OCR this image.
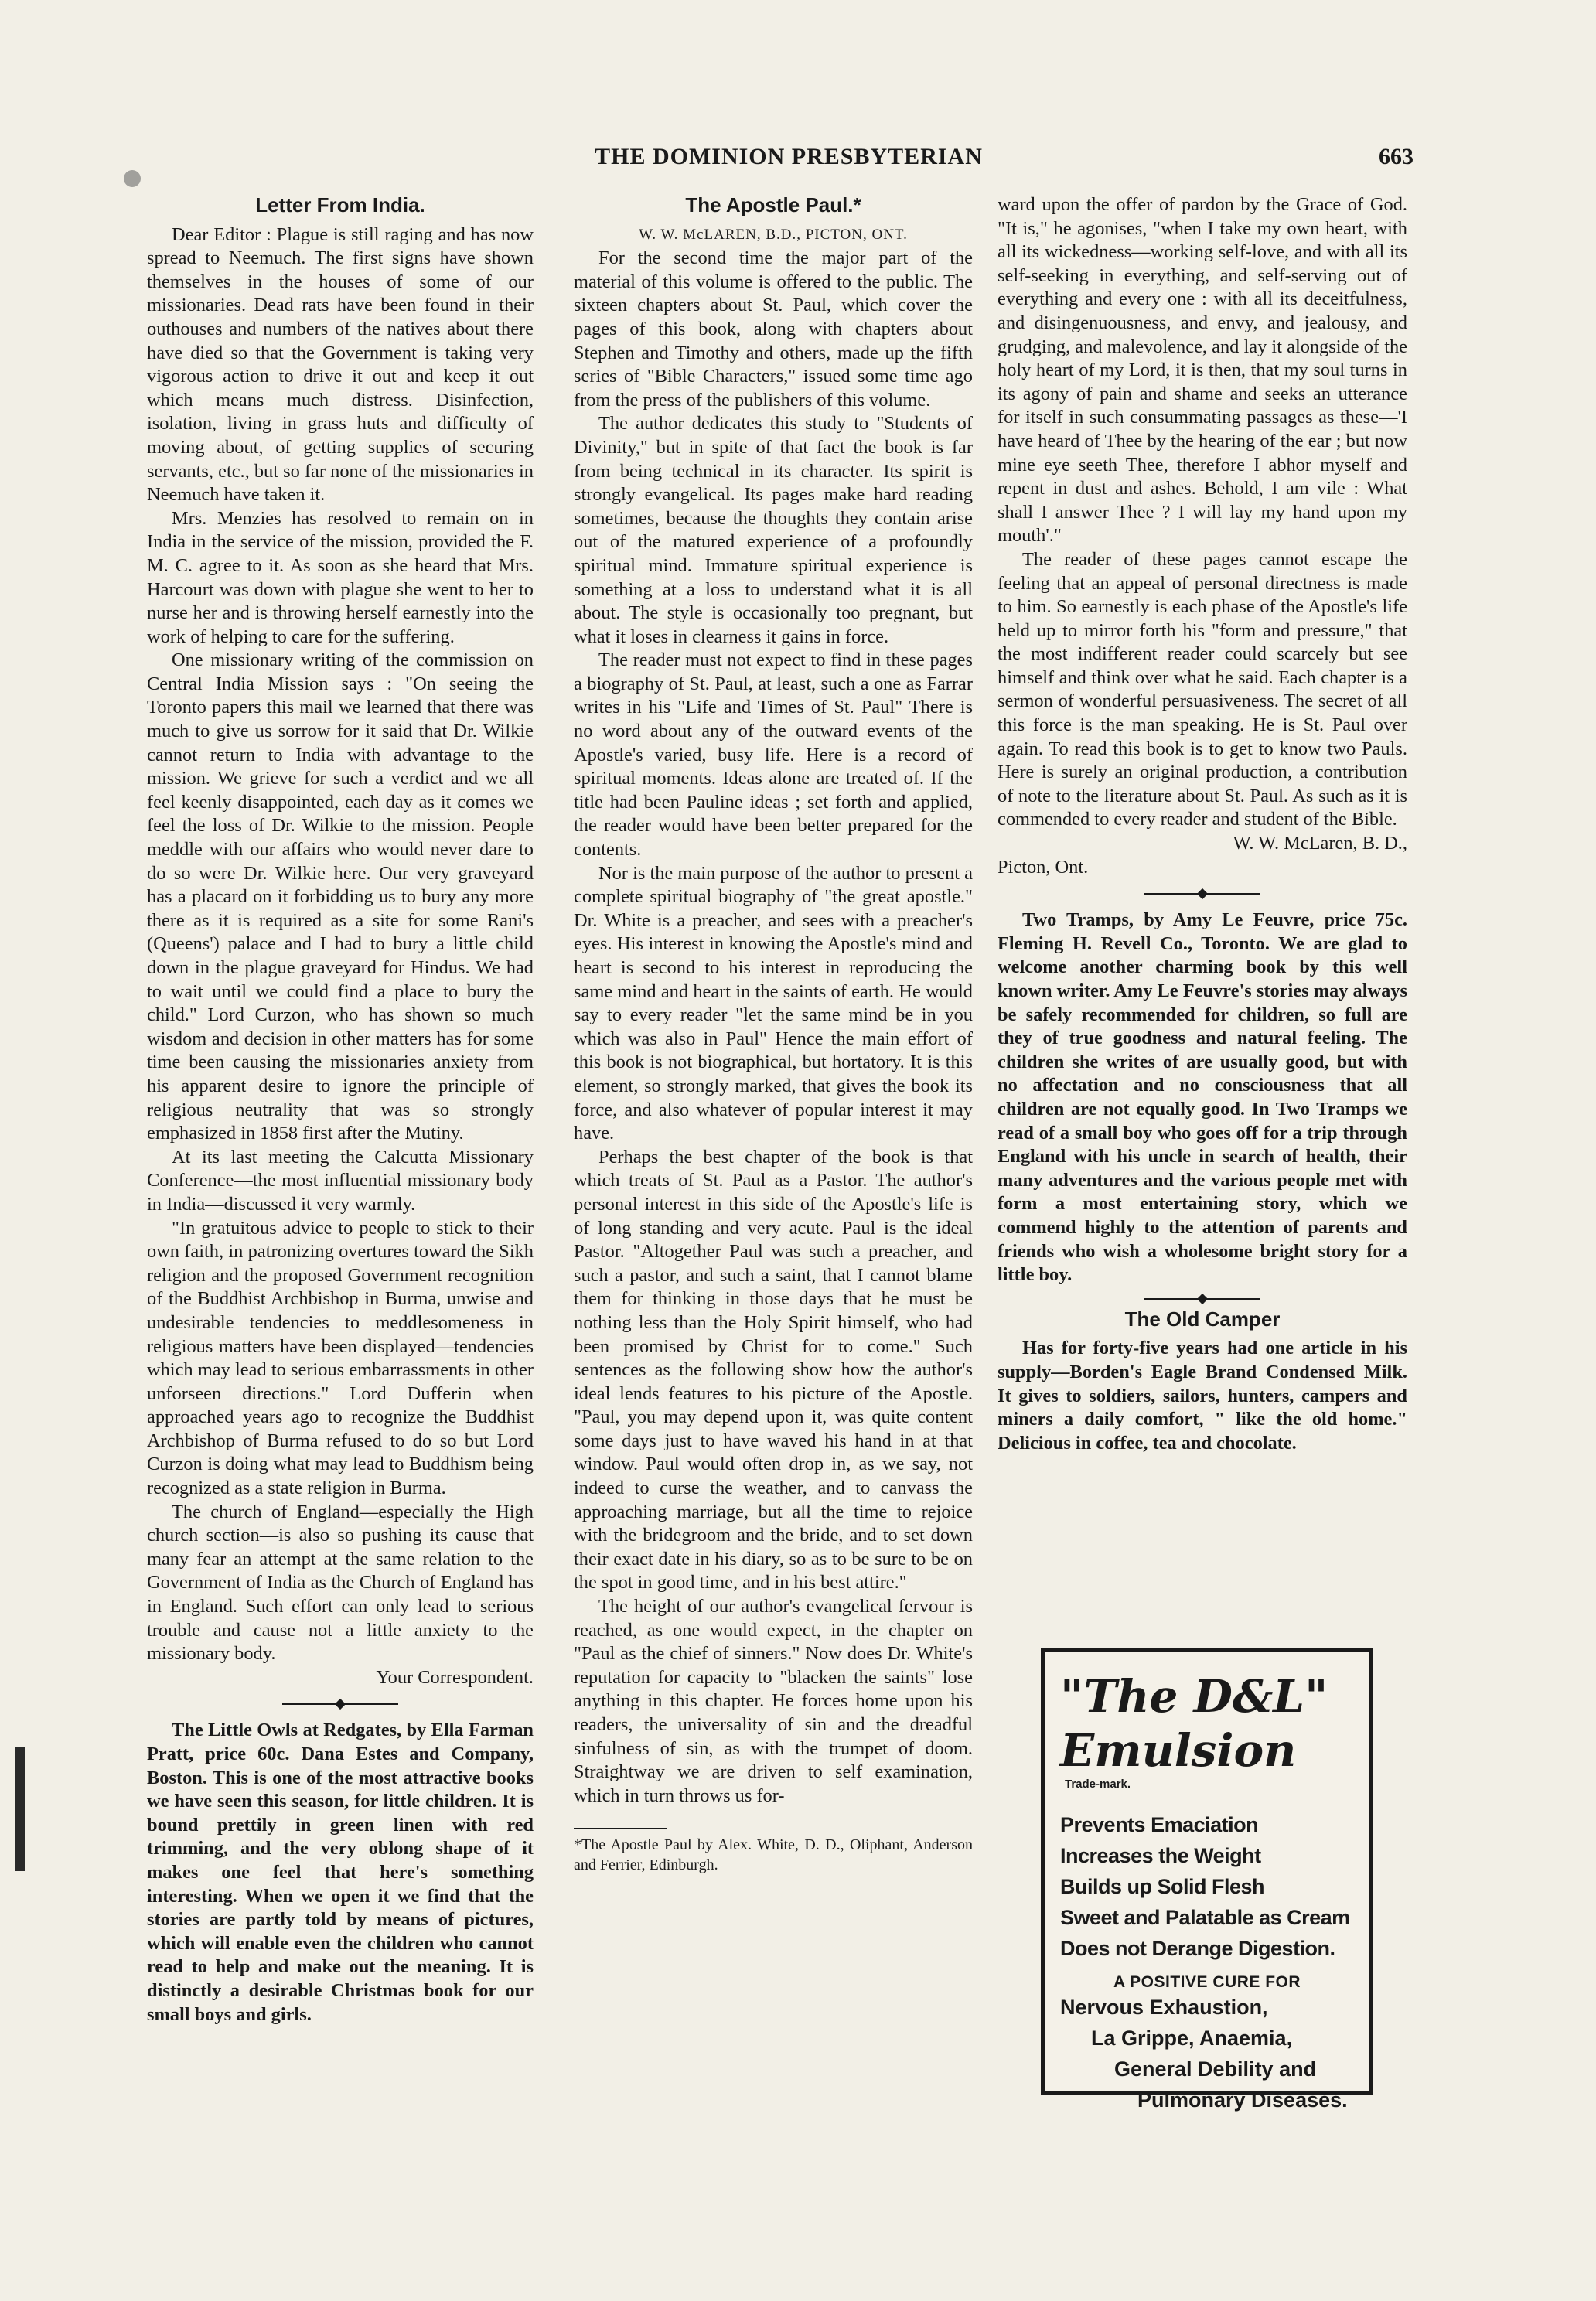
THE DOMINION PRESBYTERIAN	663
Letter From India.

Dear Editor : Plague is still raging and has now spread to Neemuch. The first signs have shown themselves in the houses of some of our missionaries. Dead rats have been found in their outhouses and numbers of the natives about there have died so that the Government is taking very vigorous action to drive it out and keep it out which means much distress. Disinfection, isolation, living in grass huts and difficulty of moving about, of getting supplies of securing servants, etc., but so far none of the missionaries in Neemuch have taken it.

Mrs. Menzies has resolved to remain on in India in the service of the mission, provided the F. M. C. agree to it. As soon as she heard that Mrs. Harcourt was down with plague she went to her to nurse her and is throwing herself earnestly into the work of helping to care for the suffering.

One missionary writing of the commission on Central India Mission says : "On seeing the Toronto papers this mail we learned that there was much to give us sorrow for it said that Dr. Wilkie cannot return to India with advantage to the mission. We grieve for such a verdict and we all feel keenly disappointed, each day as it comes we feel the loss of Dr. Wilkie to the mission. People meddle with our affairs who would never dare to do so were Dr. Wilkie here. Our very graveyard has a placard on it forbidding us to bury any more there as it is required as a site for some Rani's (Queens') palace and I had to bury a little child down in the plague graveyard for Hindus. We had to wait until we could find a place to bury the child." Lord Curzon, who has shown so much wisdom and decision in other matters has for some time been causing the missionaries anxiety from his apparent desire to ignore the principle of religious neutrality that was so strongly emphasized in 1858 first after the Mutiny.

At its last meeting the Calcutta Missionary Conference—the most influential missionary body in India—discussed it very warmly.

"In gratuitous advice to people to stick to their own faith, in patronizing overtures toward the Sikh religion and the proposed Government recognition of the Buddhist Archbishop in Burma, unwise and undesirable tendencies to meddlesomeness in religious matters have been displayed—tendencies which may lead to serious embarrassments in other unforseen directions." Lord Dufferin when approached years ago to recognize the Buddhist Archbishop of Burma refused to do so but Lord Curzon is doing what may lead to Buddhism being recognized as a state religion in Burma.

The church of England—especially the High church section—is also so pushing its cause that many fear an attempt at the same relation to the Government of India as the Church of England has in England. Such effort can only lead to serious trouble and cause not a little anxiety to the missionary body.

Your Correspondent.

The Little Owls at Redgates, by Ella Farman Pratt, price 60c. Dana Estes and Company, Boston. This is one of the most attractive books we have seen this season, for little children. It is bound prettily in green linen with red trimming, and the very oblong shape of it makes one feel that here's something interesting. When we open it we find that the stories are partly told by means of pictures, which will enable even the children who cannot read to help and make out the meaning. It is distinctly a desirable Christmas book for our small boys and girls.

The Apostle Paul.*

W. W. McLAREN, B.D., PICTON, ONT.

For the second time the major part of the material of this volume is offered to the public. The sixteen chapters about St. Paul, which cover the pages of this book, along with chapters about Stephen and Timothy and others, made up the fifth series of "Bible Characters," issued some time ago from the press of the publishers of this volume.

The author dedicates this study to "Students of Divinity," but in spite of that fact the book is far from being technical in its character. Its spirit is strongly evangelical. Its pages make hard reading sometimes, because the thoughts they contain arise out of the matured experience of a profoundly spiritual mind. Immature spiritual experience is something at a loss to understand what it is all about. The style is occasionally too pregnant, but what it loses in clearness it gains in force.

The reader must not expect to find in these pages a biography of St. Paul, at least, such a one as Farrar writes in his "Life and Times of St. Paul" There is no word about any of the outward events of the Apostle's varied, busy life. Here is a record of spiritual moments. Ideas alone are treated of. If the title had been Pauline ideas ; set forth and applied, the reader would have been better prepared for the contents.

Nor is the main purpose of the author to present a complete spiritual biography of "the great apostle." Dr. White is a preacher, and sees with a preacher's eyes. His interest in knowing the Apostle's mind and heart is second to his interest in reproducing the same mind and heart in the saints of earth. He would say to every reader "let the same mind be in you which was also in Paul" Hence the main effort of this book is not biographical, but hortatory. It is this element, so strongly marked, that gives the book its force, and also whatever of popular interest it may have.

Perhaps the best chapter of the book is that which treats of St. Paul as a Pastor. The author's personal interest in this side of the Apostle's life is of long standing and very acute. Paul is the ideal Pastor. "Altogether Paul was such a preacher, and such a pastor, and such a saint, that I cannot blame them for thinking in those days that he must be nothing less than the Holy Spirit himself, who had been promised by Christ for to come." Such sentences as the following show how the author's ideal lends features to his picture of the Apostle. "Paul, you may depend upon it, was quite content some days just to have waved his hand in at that window. Paul would often drop in, as we say, not indeed to curse the weather, and to canvass the approaching marriage, but all the time to rejoice with the bridegroom and the bride, and to set down their exact date in his diary, so as to be sure to be on the spot in good time, and in his best attire."

The height of our author's evangelical fervour is reached, as one would expect, in the chapter on "Paul as the chief of sinners." Now does Dr. White's reputation for capacity to "blacken the saints" lose anything in this chapter. He forces home upon his readers, the universality of sin and the dreadful sinfulness of sin, as with the trumpet of doom. Straightway we are driven to self examination, which in turn throws us for-

*The Apostle Paul by Alex. White, D. D., Oliphant, Anderson and Ferrier, Edinburgh.

ward upon the offer of pardon by the Grace of God. "It is," he agonises, "when I take my own heart, with all its wickedness—working self-love, and with all its self-seeking in everything, and self-serving out of everything and every one : with all its deceitfulness, and disingenuousness, and envy, and jealousy, and grudging, and malevolence, and lay it alongside of the holy heart of my Lord, it is then, that my soul turns in its agony of pain and shame and seeks an utterance for itself in such consummating passages as these—'I have heard of Thee by the hearing of the ear ; but now mine eye seeth Thee, therefore I abhor myself and repent in dust and ashes. Behold, I am vile : What shall I answer Thee ? I will lay my hand upon my mouth'."

The reader of these pages cannot escape the feeling that an appeal of personal directness is made to him. So earnestly is each phase of the Apostle's life held up to mirror forth his "form and pressure," that the most indifferent reader could scarcely but see himself and think over what he said. Each chapter is a sermon of wonderful persuasiveness. The secret of all this force is the man speaking. He is St. Paul over again. To read this book is to get to know two Pauls. Here is surely an original production, a contribution of note to the literature about St. Paul. As such as it is commended to every reader and student of the Bible.

W. W. McLaren, B. D.,

Picton, Ont.

Two Tramps, by Amy Le Feuvre, price 75c. Fleming H. Revell Co., Toronto. We are glad to welcome another charming book by this well known writer. Amy Le Feuvre's stories may always be safely recommended for children, so full are they of true goodness and natural feeling. The children she writes of are usually good, but with no affectation and no consciousness that all children are not equally good. In Two Tramps we read of a small boy who goes off for a trip through England with his uncle in search of health, their many adventures and the various people met with form a most entertaining story, which we commend highly to the attention of parents and friends who wish a wholesome bright story for a little boy.

The Old Camper

Has for forty-five years had one article in his supply—Borden's Eagle Brand Condensed Milk. It gives to soldiers, sailors, hunters, campers and miners a daily comfort, " like the old home." Delicious in coffee, tea and chocolate.

"The D&L" Emulsion
Trade-mark.
Prevents Emaciation
Increases the Weight
Builds up Solid Flesh
Sweet and Palatable as Cream
Does not Derange Digestion.
A POSITIVE CURE FOR
Nervous Exhaustion,
La Grippe, Anaemia,
General Debility and
Pulmonary Diseases.
